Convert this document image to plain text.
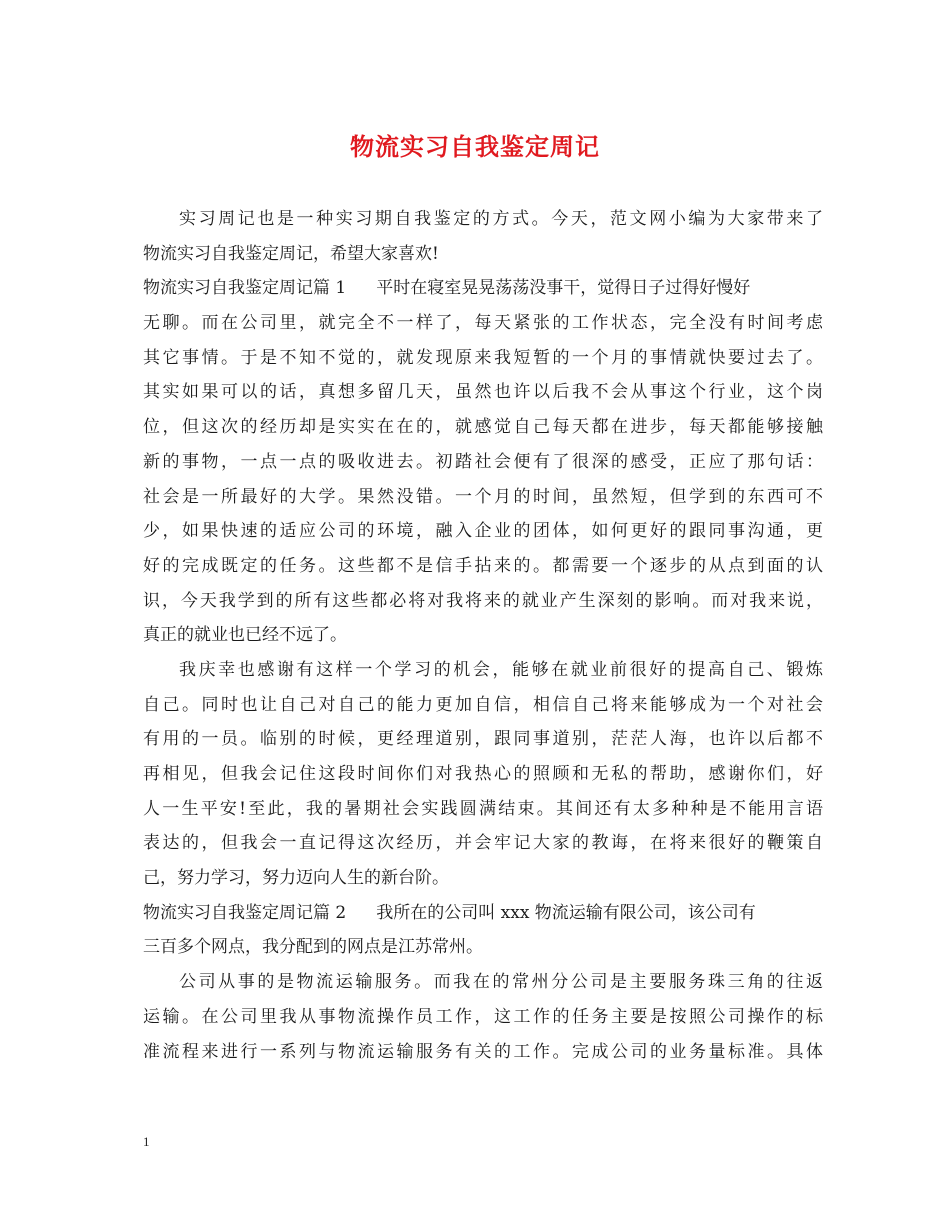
物流实习自我鉴定周记
实习周记也是一种实习期自我鉴定的方式。今天，范文网小编为大家带来了
物流实习自我鉴定周记，希望大家喜欢!
物流实习自我鉴定周记篇 1 平时在寝室晃晃荡荡没事干，觉得日子过得好慢好
无聊。而在公司里，就完全不一样了，每天紧张的工作状态，完全没有时间考虑
其它事情。于是不知不觉的，就发现原来我短暂的一个月的事情就快要过去了。
其实如果可以的话，真想多留几天，虽然也许以后我不会从事这个行业，这个岗
位，但这次的经历却是实实在在的，就感觉自己每天都在进步，每天都能够接触
新的事物，一点一点的吸收进去。初踏社会便有了很深的感受，正应了那句话：
社会是一所最好的大学。果然没错。一个月的时间，虽然短，但学到的东西可不
少，如果快速的适应公司的环境，融入企业的团体，如何更好的跟同事沟通，更
好的完成既定的任务。这些都不是信手拈来的。都需要一个逐步的从点到面的认
识，今天我学到的所有这些都必将对我将来的就业产生深刻的影响。而对我来说，
真正的就业也已经不远了。
我庆幸也感谢有这样一个学习的机会，能够在就业前很好的提高自己、锻炼
自己。同时也让自己对自己的能力更加自信，相信自己将来能够成为一个对社会
有用的一员。临别的时候，更经理道别，跟同事道别，茫茫人海，也许以后都不
再相见，但我会记住这段时间你们对我热心的照顾和无私的帮助，感谢你们，好
人一生平安!至此，我的暑期社会实践圆满结束。其间还有太多种种是不能用言语
表达的，但我会一直记得这次经历，并会牢记大家的教诲，在将来很好的鞭策自
己，努力学习，努力迈向人生的新台阶。
物流实习自我鉴定周记篇 2 我所在的公司叫 xxx 物流运输有限公司，该公司有
三百多个网点，我分配到的网点是江苏常州。
公司从事的是物流运输服务。而我在的常州分公司是主要服务珠三角的往返
运输。在公司里我从事物流操作员工作，这工作的任务主要是按照公司操作的标
准流程来进行一系列与物流运输服务有关的工作。完成公司的业务量标准。具体
1
